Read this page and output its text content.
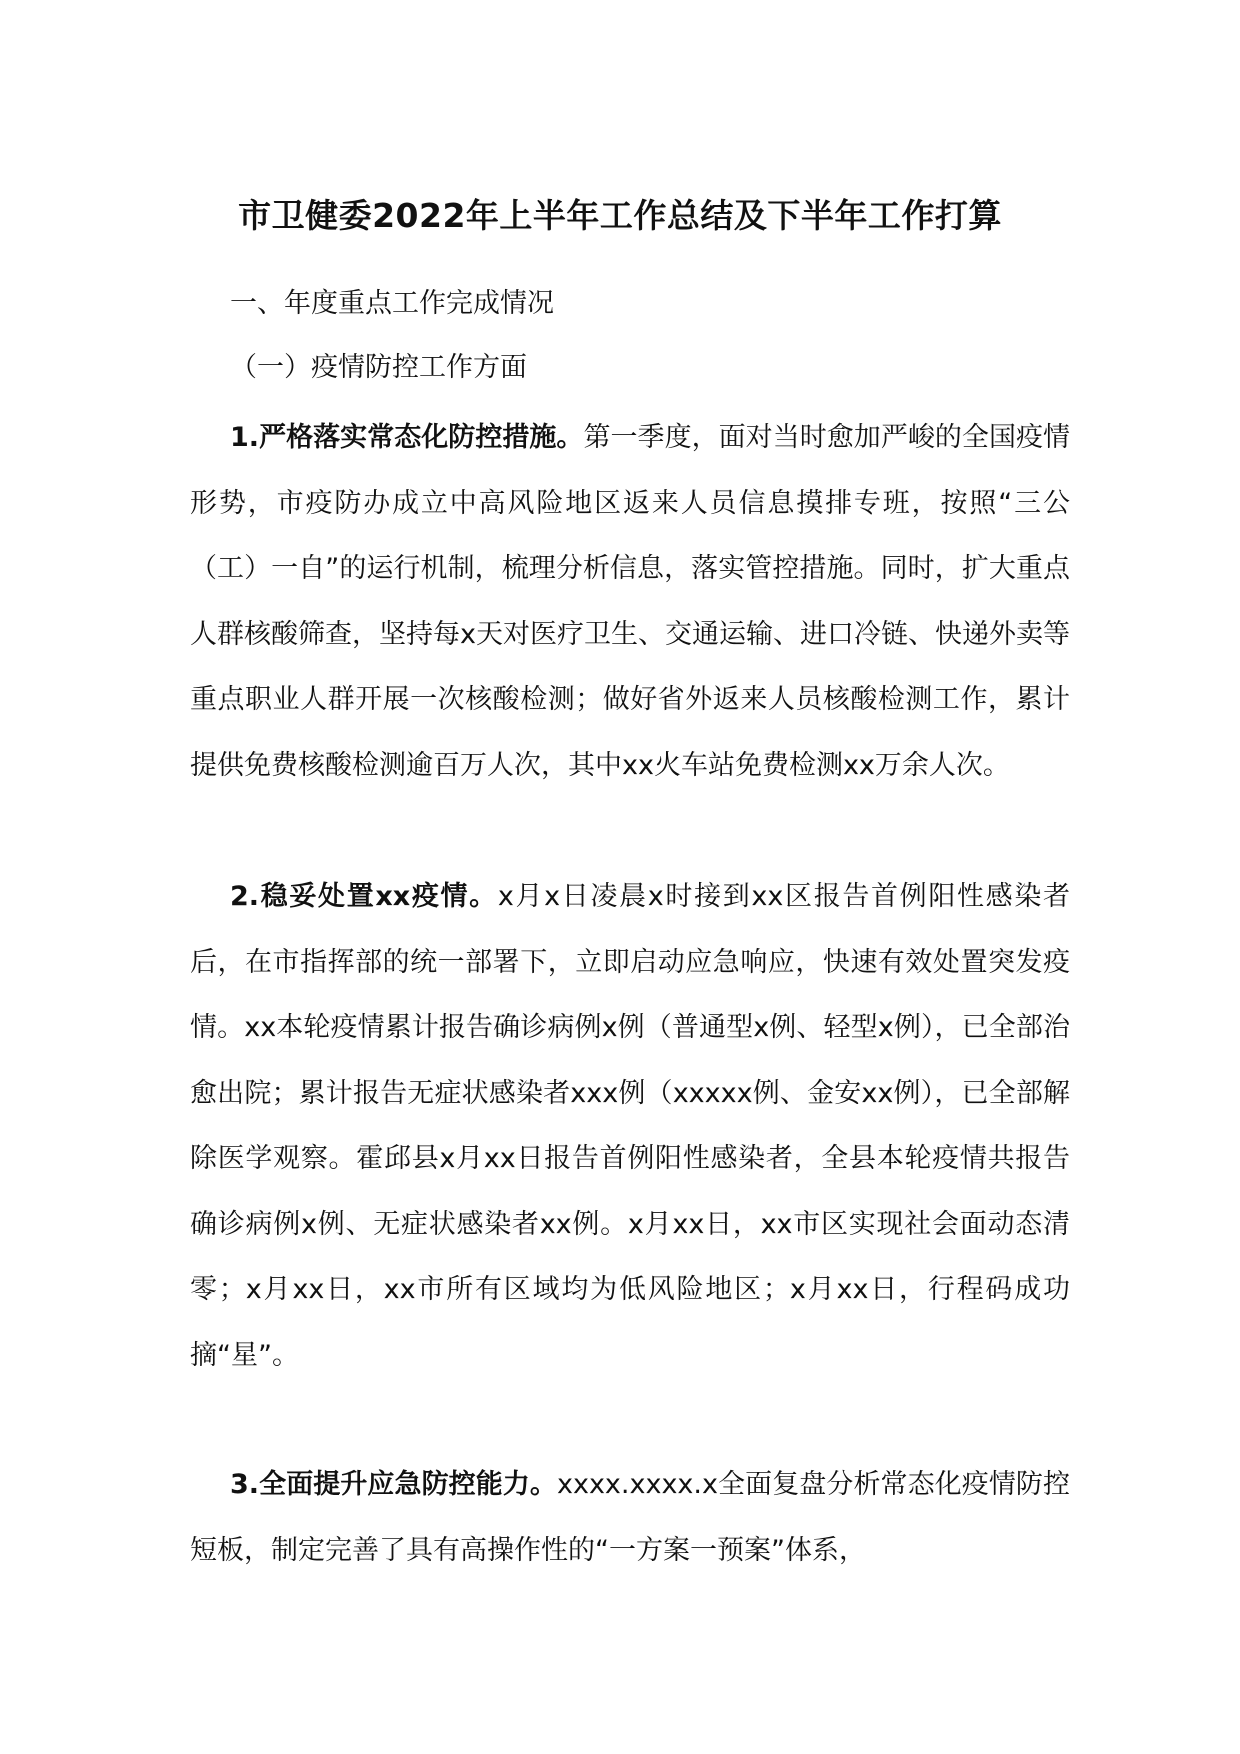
市卫健委2022年上半年工作总结及下半年工作打算
一、年度重点工作完成情况
（一）疫情防控工作方面

1.严格落实常态化防控措施。第一季度，面对当时愈加严峻的全国疫情形势，市疫防办成立中高风险地区返来人员信息摸排专班，按照“三公（工）一自”的运行机制，梳理分析信息，落实管控措施。同时，扩大重点人群核酸筛查，坚持每x天对医疗卫生、交通运输、进口冷链、快递外卖等重点职业人群开展一次核酸检测；做好省外返来人员核酸检测工作，累计提供免费核酸检测逾百万人次，其中xx火车站免费检测xx万余人次。

2.稳妥处置xx疫情。x月x日凌晨x时接到xx区报告首例阳性感染者后，在市指挥部的统一部署下，立即启动应急响应，快速有效处置突发疫情。xx本轮疫情累计报告确诊病例x例（普通型x例、轻型x例），已全部治愈出院；累计报告无症状感染者xxx例（xxxxx例、金安xx例），已全部解除医学观察。霍邱县x月xx日报告首例阳性感染者，全县本轮疫情共报告确诊病例x例、无症状感染者xx例。x月xx日，xx市区实现社会面动态清零；x月xx日，xx市所有区域均为低风险地区；x月xx日，行程码成功摘“星”。

3.全面提升应急防控能力。xxxx.xxxx.x全面复盘分析常态化疫情防控短板，制定完善了具有高操作性的“一方案一预案”体系，
